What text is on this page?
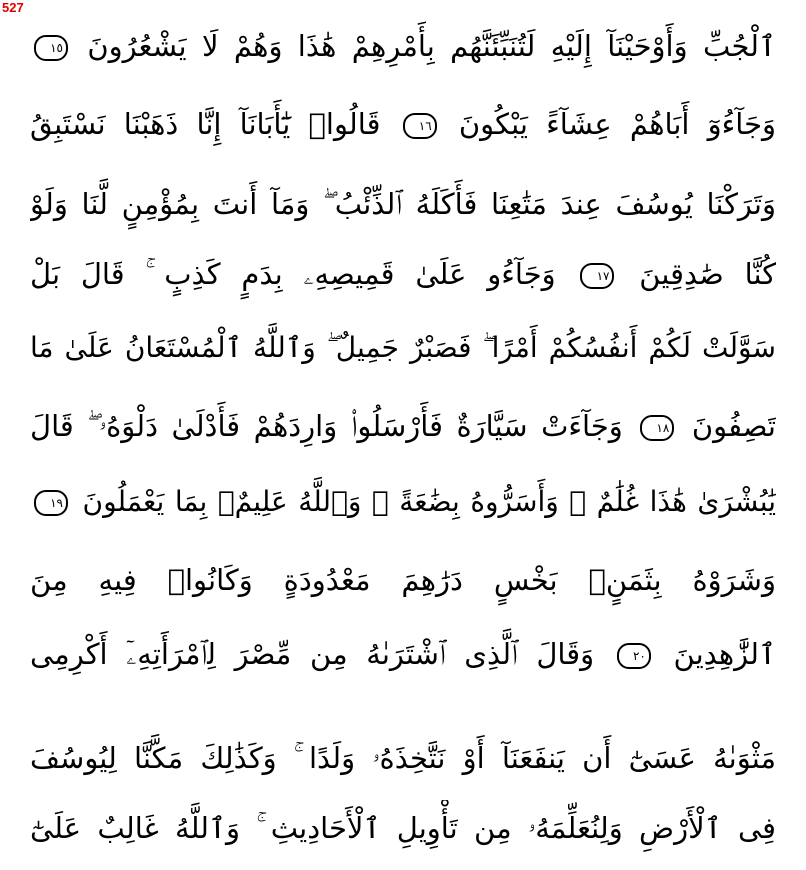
527
ٱلْجُبِّ وَأَوْحَيْنَآ إِلَيْهِ لَتُنَبِّئَنَّهُم بِأَمْرِهِمْ هَٰذَا وَهُمْ لَا يَشْعُرُونَ ١٥
وَجَآءُوٓ أَبَاهُمْ عِشَآءً يَبْكُونَ ١٦ قَالُوا۟ يَٰٓأَبَانَآ إِنَّا ذَهَبْنَا نَسْتَبِقُ
وَتَرَكْنَا يُوسُفَ عِندَ مَتَٰعِنَا فَأَكَلَهُ ٱلذِّئْبُ ۖ وَمَآ أَنتَ بِمُؤْمِنٍ لَّنَا وَلَوْ
كُنَّا صَٰدِقِينَ ١٧ وَجَآءُو عَلَىٰ قَمِيصِهِۦ بِدَمٍ كَذِبٍ ۚ قَالَ بَلْ
سَوَّلَتْ لَكُمْ أَنفُسُكُمْ أَمْرًا ۖ فَصَبْرٌ جَمِيلٌ ۖ وَٱللَّهُ ٱلْمُسْتَعَانُ عَلَىٰ مَا
تَصِفُونَ ١٨ وَجَآءَتْ سَيَّارَةٌ فَأَرْسَلُوا۟ وَارِدَهُمْ فَأَدْلَىٰ دَلْوَهُۥ ۖ قَالَ
يَٰبُشْرَىٰ هَٰذَا غُلَٰمٌ ۚ وَأَسَرُّوهُ بِضَٰعَةً ۚ وَٱللَّهُ عَلِيمٌۢ بِمَا يَعْمَلُونَ ١٩
وَشَرَوْهُ بِثَمَنٍۭ بَخْسٍ دَرَٰهِمَ مَعْدُودَةٍ وَكَانُوا۟ فِيهِ مِنَ
ٱلزَّٰهِدِينَ ٢٠ وَقَالَ ٱلَّذِى ٱشْتَرَىٰهُ مِن مِّصْرَ لِٱمْرَأَتِهِۦٓ أَكْرِمِى
مَثْوَىٰهُ عَسَىٰٓ أَن يَنفَعَنَآ أَوْ نَتَّخِذَهُۥ وَلَدًا ۚ وَكَذَٰلِكَ مَكَّنَّا لِيُوسُفَ
فِى ٱلْأَرْضِ وَلِنُعَلِّمَهُۥ مِن تَأْوِيلِ ٱلْأَحَادِيثِ ۚ وَٱللَّهُ غَالِبٌ عَلَىٰٓ
